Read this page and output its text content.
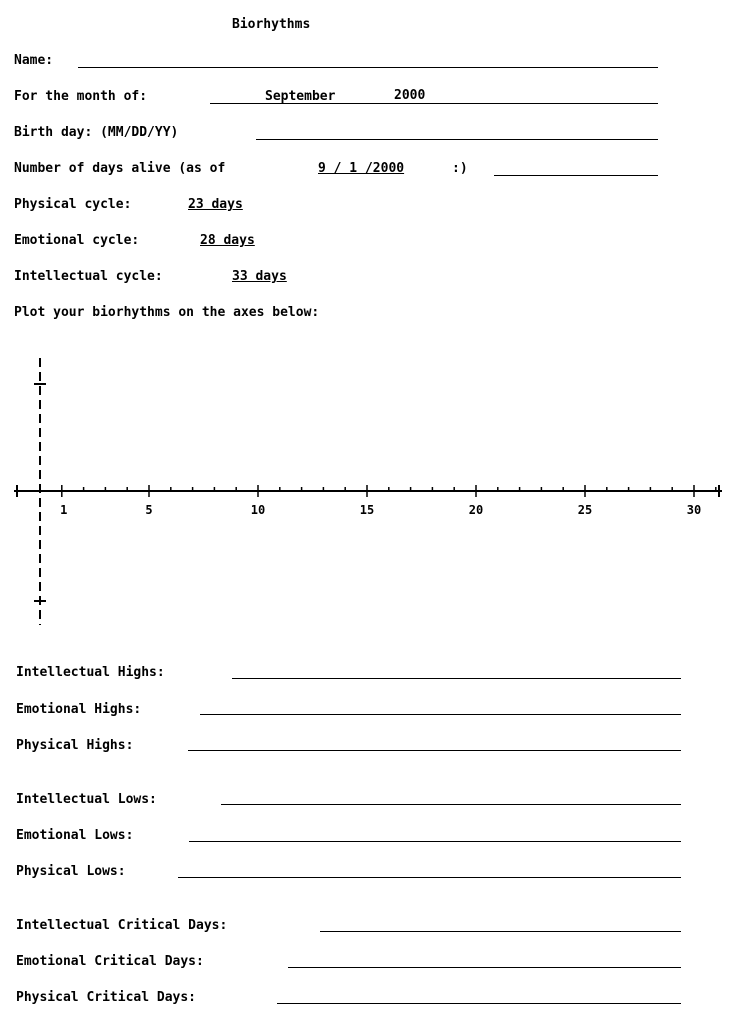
Biorhythms
Name:
For the month of:	September	2000
Birth day: (MM/DD/YY)
Number of days alive (as of	9 / 1 /2000	:)
Physical cycle:	23 days
Emotional cycle:	28 days
Intellectual cycle:	33 days
Plot your biorhythms on the axes below:
1	5	10	15	20	25	30
Intellectual Highs:
Emotional Highs:
Physical Highs:
Intellectual Lows:
Emotional Lows:
Physical Lows:
Intellectual Critical Days:
Emotional Critical Days:
Physical Critical Days:
